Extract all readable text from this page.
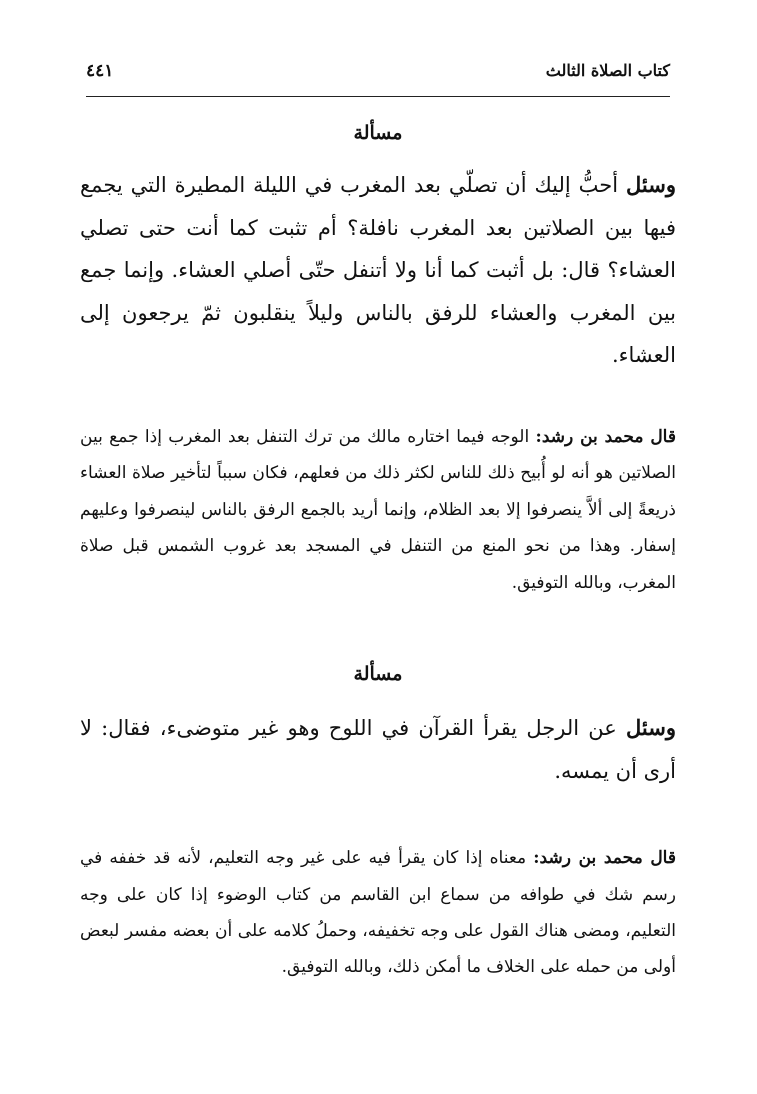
كتاب الصلاة الثالث
٤٤١

مسألة

وسئل أحبُّ إليك أن تصلّي بعد المغرب في الليلة المطيرة التي يجمع فيها بين الصلاتين بعد المغرب نافلة؟ أم تثبت كما أنت حتى تصلي العشاء؟ قال: بل أثبت كما أنا ولا أتنفل حتّى أصلي العشاء. وإنما جمع بين المغرب والعشاء للرفق بالناس وليلاً ينقلبون ثمّ يرجعون إلى العشاء.

قال محمد بن رشد: الوجه فيما اختاره مالك من ترك التنفل بعد المغرب إذا جمع بين الصلاتين هو أنه لو أُبيح ذلك للناس لكثر ذلك من فعلهم، فكان سبباً لتأخير صلاة العشاء ذريعةً إلى ألاَّ ينصرفوا إلا بعد الظلام، وإنما أريد بالجمع الرفق بالناس لينصرفوا وعليهم إسفار. وهذا من نحو المنع من التنفل في المسجد بعد غروب الشمس قبل صلاة المغرب، وبالله التوفيق.

مسألة

وسئل عن الرجل يقرأ القرآن في اللوح وهو غير متوضىء، فقال: لا أرى أن يمسه.

قال محمد بن رشد: معناه إذا كان يقرأ فيه على غير وجه التعليم، لأنه قد خففه في رسم شك في طوافه من سماع ابن القاسم من كتاب الوضوء إذا كان على وجه التعليم، ومضى هناك القول على وجه تخفيفه، وحملُ كلامه على أن بعضه مفسر لبعض أولى من حمله على الخلاف ما أمكن ذلك، وبالله التوفيق.
